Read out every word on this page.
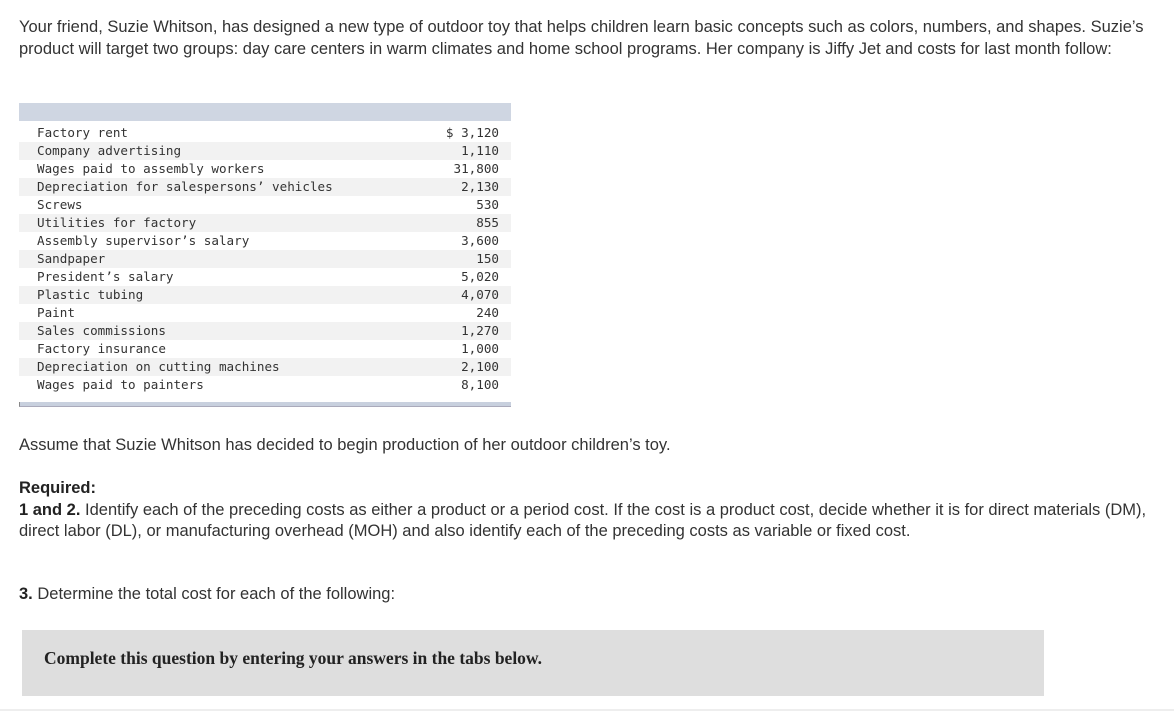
Your friend, Suzie Whitson, has designed a new type of outdoor toy that helps children learn basic concepts such as colors, numbers, and shapes. Suzie’s product will target two groups: day care centers in warm climates and home school programs. Her company is Jiffy Jet and costs for last month follow:
Factory rent	$ 3,120
Company advertising	1,110
Wages paid to assembly workers	31,800
Depreciation for salespersons’ vehicles	2,130
Screws	530
Utilities for factory	855
Assembly supervisor’s salary	3,600
Sandpaper	150
President’s salary	5,020
Plastic tubing	4,070
Paint	240
Sales commissions	1,270
Factory insurance	1,000
Depreciation on cutting machines	2,100
Wages paid to painters	8,100
Assume that Suzie Whitson has decided to begin production of her outdoor children’s toy.
Required:
1 and 2. Identify each of the preceding costs as either a product or a period cost. If the cost is a product cost, decide whether it is for direct materials (DM), direct labor (DL), or manufacturing overhead (MOH) and also identify each of the preceding costs as variable or fixed cost.
3. Determine the total cost for each of the following:
Complete this question by entering your answers in the tabs below.
